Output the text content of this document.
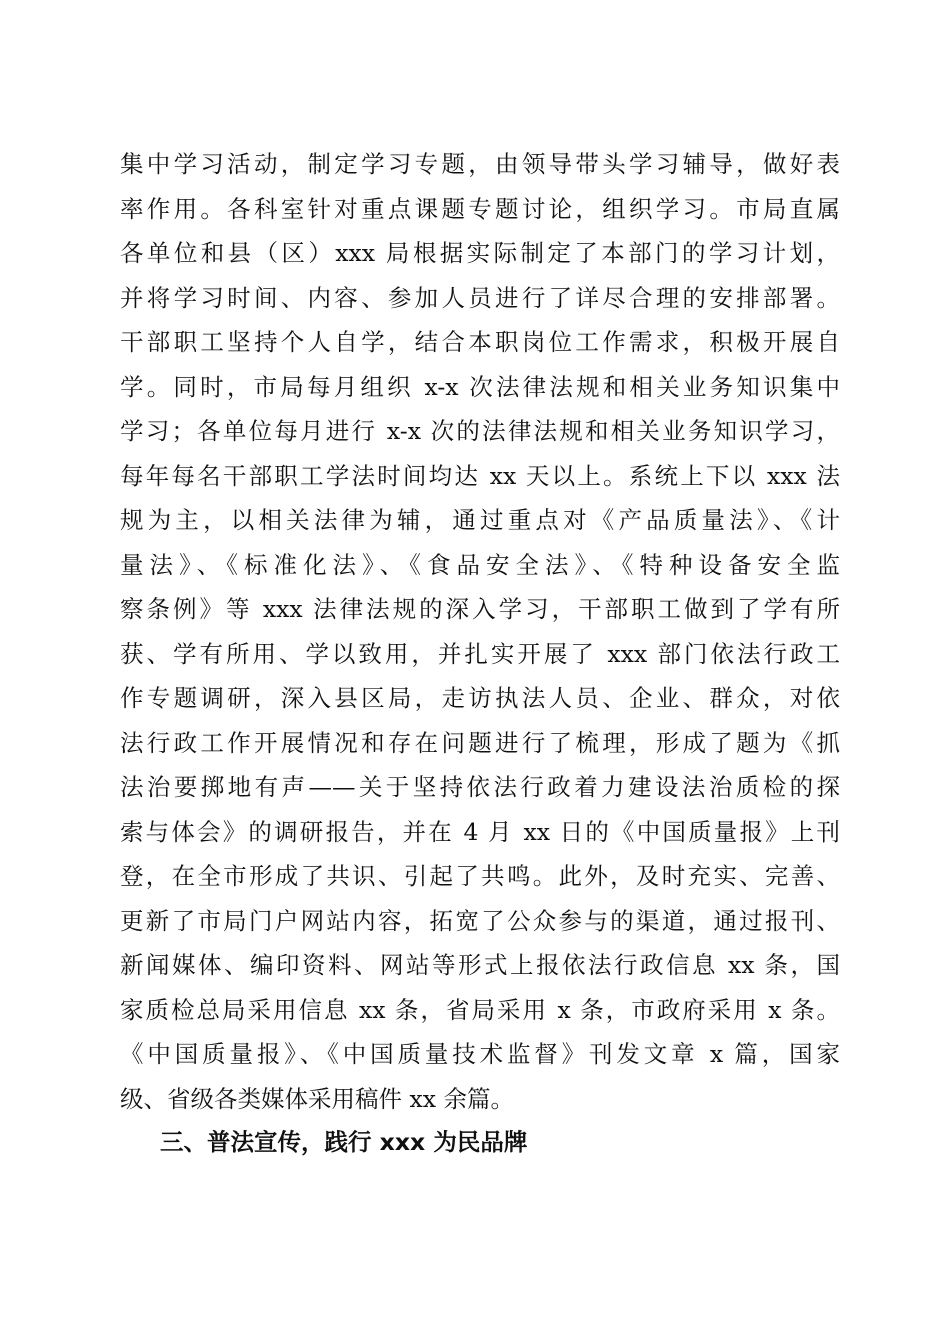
集中学习活动，制定学习专题，由领导带头学习辅导，做好表
率作用。各科室针对重点课题专题讨论，组织学习。市局直属
各单位和县（区）xxx 局根据实际制定了本部门的学习计划，
并将学习时间、内容、参加人员进行了详尽合理的安排部署。
干部职工坚持个人自学，结合本职岗位工作需求，积极开展自
学。同时，市局每月组织 x-x 次法律法规和相关业务知识集中
学习；各单位每月进行 x-x 次的法律法规和相关业务知识学习，
每年每名干部职工学法时间均达 xx 天以上。系统上下以 xxx 法
规为主，以相关法律为辅，通过重点对《产品质量法》、《计
量法》、《标准化法》、《食品安全法》、《特种设备安全监
察条例》等 xxx 法律法规的深入学习，干部职工做到了学有所
获、学有所用、学以致用，并扎实开展了 xxx 部门依法行政工
作专题调研，深入县区局，走访执法人员、企业、群众，对依
法行政工作开展情况和存在问题进行了梳理，形成了题为《抓
法治要掷地有声——关于坚持依法行政着力建设法治质检的探
索与体会》的调研报告，并在 4 月 xx 日的《中国质量报》上刊
登，在全市形成了共识、引起了共鸣。此外，及时充实、完善、
更新了市局门户网站内容，拓宽了公众参与的渠道，通过报刊、
新闻媒体、编印资料、网站等形式上报依法行政信息 xx 条，国
家质检总局采用信息 xx 条，省局采用 x 条，市政府采用 x 条。
《中国质量报》、《中国质量技术监督》刊发文章 x 篇，国家
级、省级各类媒体采用稿件 xx 余篇。
三、普法宣传，践行 xxx 为民品牌
